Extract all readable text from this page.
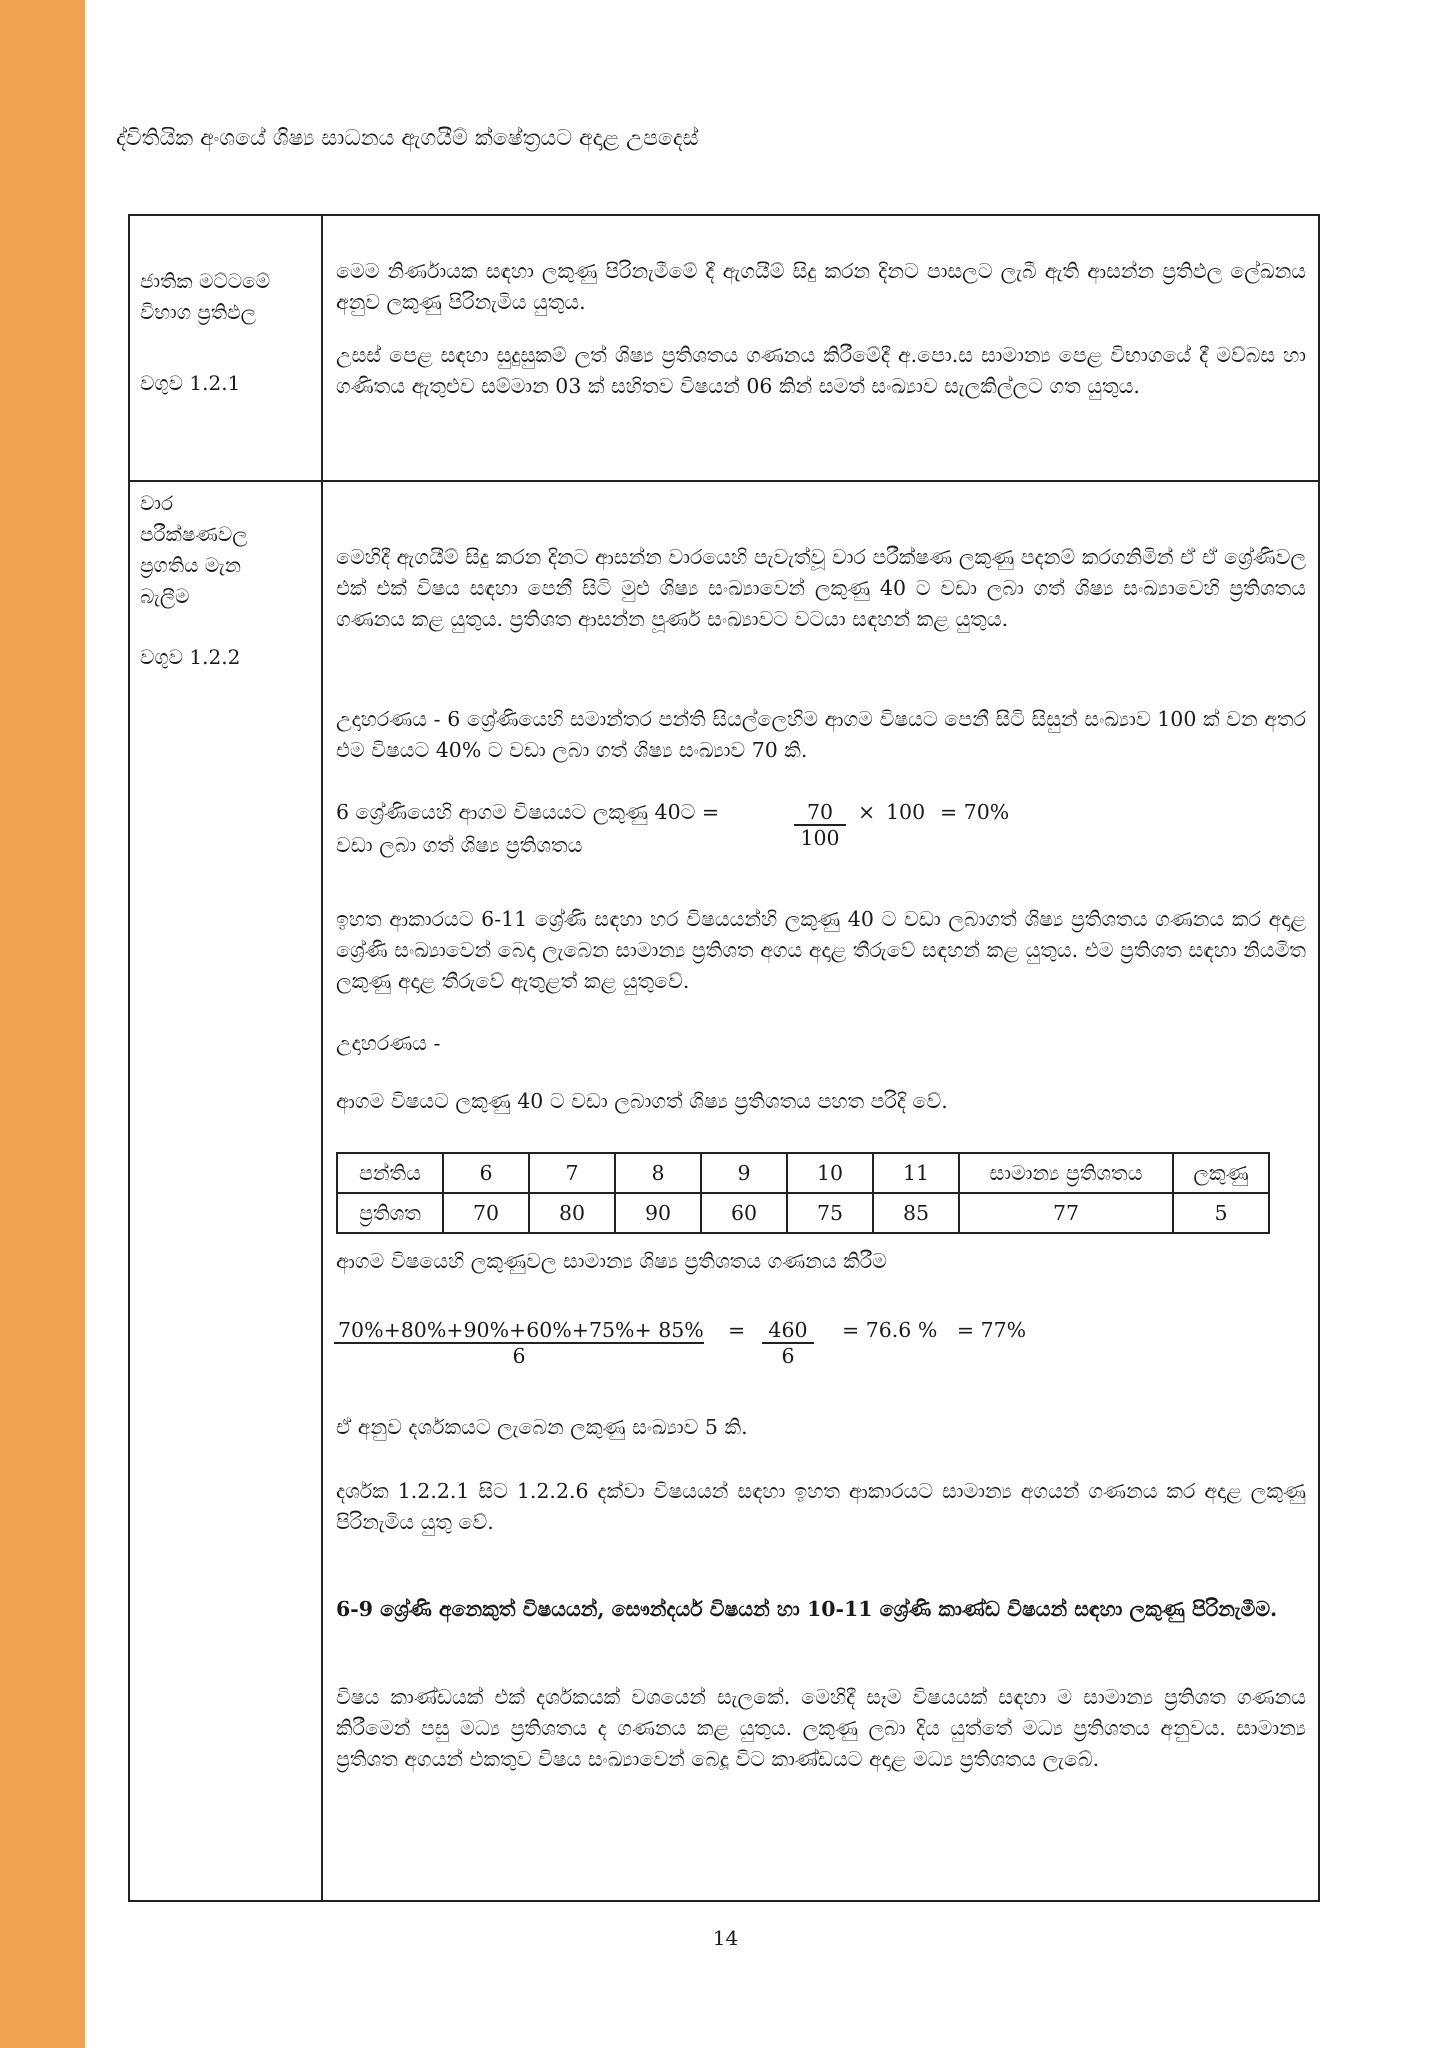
ද්විතියික අංශයේ ශිෂ්‍ය සාධනය ඇගයීම් ක්ෂේත්‍රයට අදාළ උපදෙස්
ජාතික මට්ටමේ
විභාග ප්‍රතිඵල
වගුව 1.2.1

මෙම නිර්ණායක සඳහා ලකුණු පිරිනැමීමේ දී ඇගයීම් සිදු කරන දිනට පාසලට ලැබී ඇති ආසන්න ප්‍රතිඵල ලේඛනය අනුව ලකුණු පිරිනැමිය යුතුය.

උසස් පෙළ සඳහා සුදුසුකම් ලත් ශිෂ්‍ය ප්‍රතිශතය ගණනය කිරීමේදී අ.පො.ස සාමාන්‍ය පෙළ විභාගයේ දී මව්බස හා ගණිතය ඇතුළුව සම්මාන 03 ක් සහිතව විෂයන් 06 කින් සමත් සංඛ්‍යාව සැලකිල්ලට ගත යුතුය.

වාර
පරීක්ෂණවල
ප්‍රගතිය මැන
බැලීම
වගුව 1.2.2
මෙහිදී ඇගයීම් සිදු කරන දිනට ආසන්න වාරයෙහි පැවැත්වූ වාර පරීක්ෂණ ලකුණු පදනම් කරගනිමින් ඒ ඒ ශ්‍රේණිවල එක් එක් විෂය සඳහා පෙනී සිටි මුළු ශිෂ්‍ය සංඛ්‍යාවෙන් ලකුණු 40 ට වඩා ලබා ගත් ශිෂ්‍ය සංඛ්‍යාවෙහි ප්‍රතිශතය ගණනය කළ යුතුය. ප්‍රතිශත ආසන්න පූර්ණ සංඛ්‍යාවට වටයා සඳහන් කළ යුතුය.
උදාහරණය - 6 ශ්‍රේණියෙහි සමාන්තර පන්ති සියල්ලෙහිම ආගම විෂයට පෙනී සිටි සිසුන් සංඛ්‍යාව 100 ක් වන අතර එම විෂයට 40% ට වඩා ලබා ගත් ශිෂ්‍ය සංඛ්‍යාව 70 කි.
6 ශ්‍රේණියෙහි ආගම විෂයයට ලකුණු 40ට =
වඩා ලබා ගත් ශිෂ්‍ය ප්‍රතිශතය	$\frac{70}{100} \times 100 = 70\%$
ඉහත ආකාරයට 6-11 ශ්‍රේණි සඳහා හර විෂයයන්හි ලකුණු 40 ට වඩා ලබාගත් ශිෂ්‍ය ප්‍රතිශතය ගණනය කර අදාළ ශ්‍රේණි සංඛ්‍යාවෙන් බෙදා ලැබෙන සාමාන්‍ය ප්‍රතිශත අගය අදාළ තීරුවේ සඳහන් කළ යුතුය. එම ප්‍රතිශත සඳහා නියමිත ලකුණු අදාළ තීරුවේ ඇතුළත් කළ යුතුවේ.
උදාහරණය -
ආගම විෂයට ලකුණු 40 ට වඩා ලබාගත් ශිෂ්‍ය ප්‍රතිශතය පහත පරිදි වේ.
පන්තිය	6	7	8	9	10	11	සාමාන්‍ය ප්‍රතිශතය	ලකුණු
ප්‍රතිශත	70	80	90	60	75	85	77	5
ආගම විෂයෙහි ලකුණුවල සාමාන්‍ය ශිෂ්‍ය ප්‍රතිශතය ගණනය කිරීම
$\frac{70\%+80\%+90\%+60\%+75\%+ 85\%}{6} = \frac{460}{6} = 76.6$ %   = 77%
ඒ අනුව දර්ශකයට ලැබෙන ලකුණු සංඛ්‍යාව 5 කි.
දර්ශක 1.2.2.1 සිට 1.2.2.6 දක්වා විෂයයන් සඳහා ඉහත ආකාරයට සාමාන්‍ය අගයන් ගණනය කර අදාළ ලකුණු පිරිනැමිය යුතු වේ.
6-9 ශ්‍රේණි අනෙකුත් විෂයයන්, සෞන්දර්ය විෂයන් හා 10-11 ශ්‍රේණි කාණ්ඩ විෂයන් සඳහා ලකුණු පිරිනැමීම.
විෂය කාණ්ඩයක් එක් දර්ශකයක් වශයෙන් සැලකේ. මෙහිදී සෑම විෂයයක් සඳහා ම සාමාන්‍ය ප්‍රතිශත ගණනය කිරීමෙන් පසු මධ්‍ය ප්‍රතිශතය ද ගණනය කළ යුතුය. ලකුණු ලබා දිය යුත්තේ මධ්‍ය ප්‍රතිශතය අනුවය. සාමාන්‍ය ප්‍රතිශත අගයන් එකතුව විෂය සංඛ්‍යාවෙන් බෙදූ විට කාණ්ඩයට අදාළ මධ්‍ය ප්‍රතිශතය ලැබේ.
14
